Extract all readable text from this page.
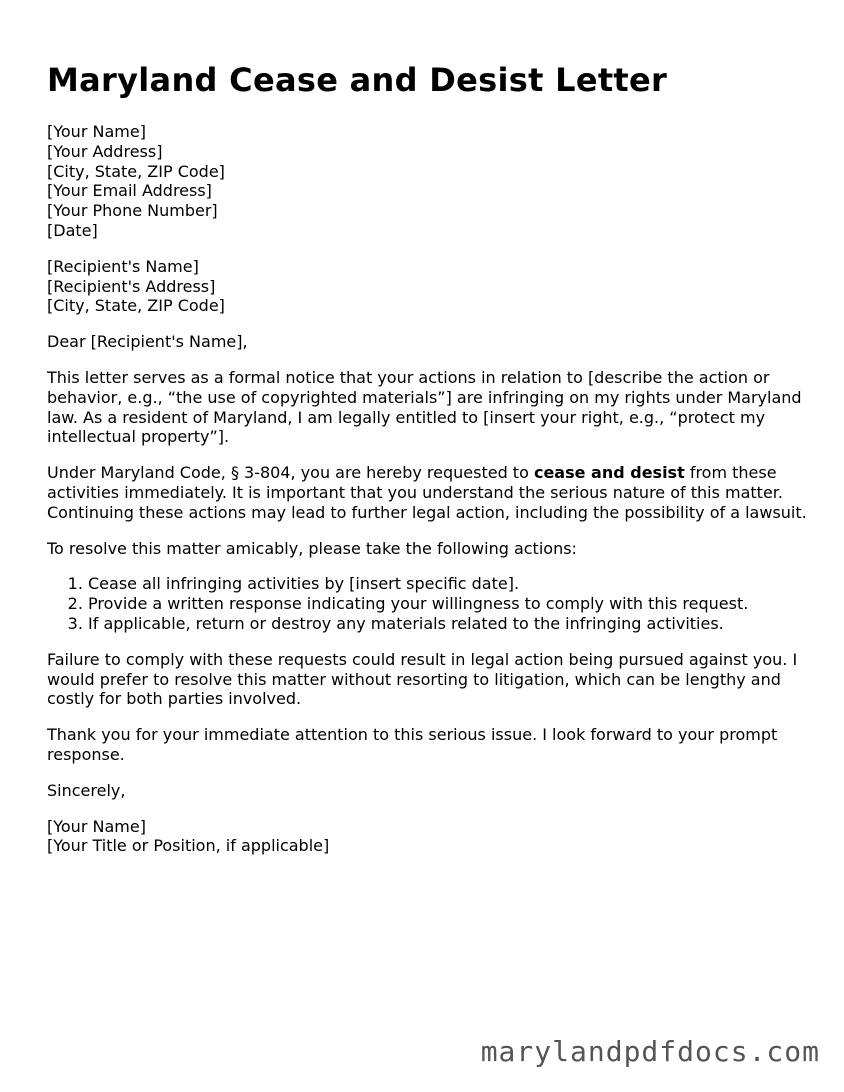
Maryland Cease and Desist Letter
[Your Name]
[Your Address]
[City, State, ZIP Code]
[Your Email Address]
[Your Phone Number]
[Date]
[Recipient's Name]
[Recipient's Address]
[City, State, ZIP Code]

Dear [Recipient's Name],

This letter serves as a formal notice that your actions in relation to [describe the action or behavior, e.g., “the use of copyrighted materials”] are infringing on my rights under Maryland law. As a resident of Maryland, I am legally entitled to [insert your right, e.g., “protect my intellectual property”].

Under Maryland Code, § 3-804, you are hereby requested to cease and desist from these activities immediately. It is important that you understand the serious nature of this matter. Continuing these actions may lead to further legal action, including the possibility of a lawsuit.

To resolve this matter amicably, please take the following actions:

1. Cease all infringing activities by [insert specific date].
2. Provide a written response indicating your willingness to comply with this request.
3. If applicable, return or destroy any materials related to the infringing activities.

Failure to comply with these requests could result in legal action being pursued against you. I would prefer to resolve this matter without resorting to litigation, which can be lengthy and costly for both parties involved.

Thank you for your immediate attention to this serious issue. I look forward to your prompt response.

Sincerely,

[Your Name]
[Your Title or Position, if applicable]
marylandpdfdocs.com
